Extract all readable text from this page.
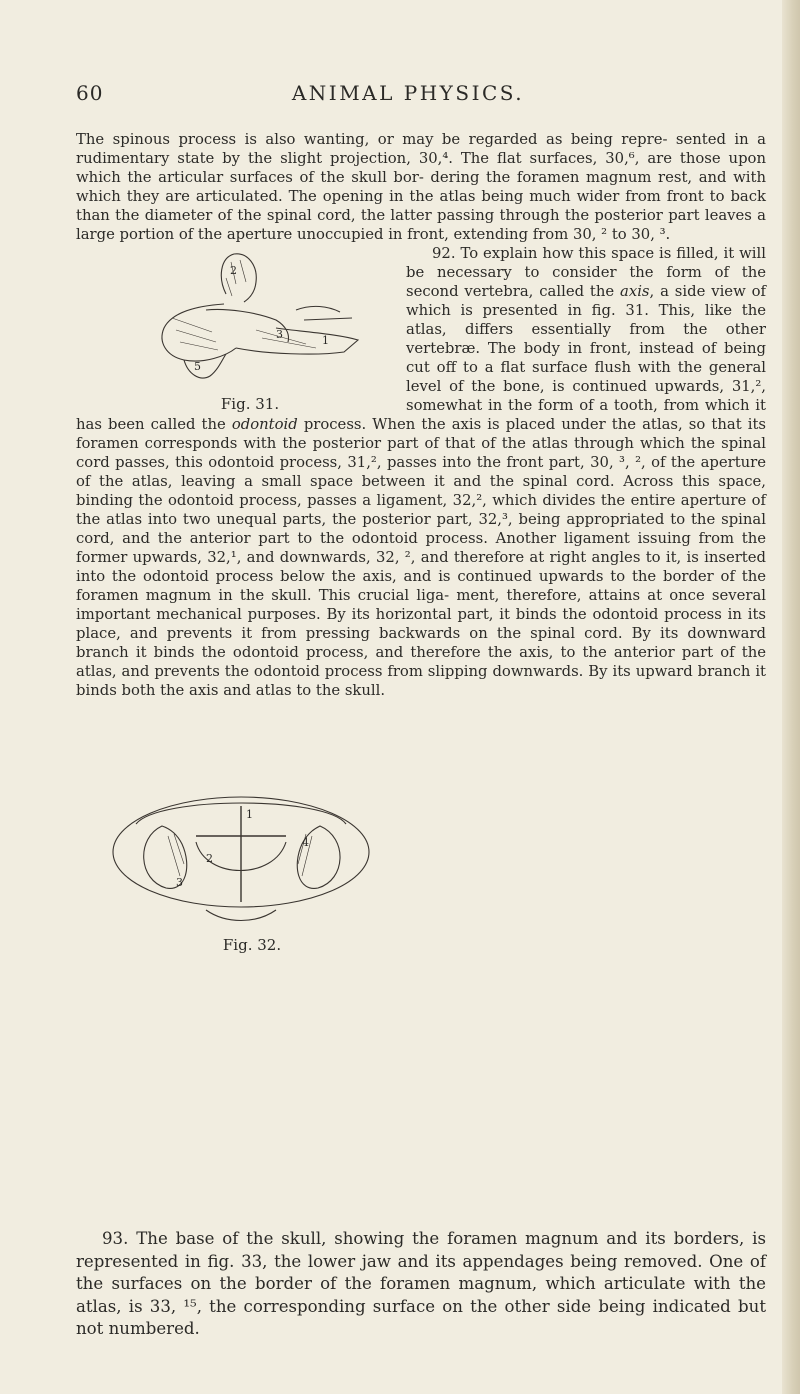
60	ANIMAL PHYSICS.

The spinous process is also wanting, or may be regarded as being repre- sented in a rudimentary state by the slight projection, 30,⁴. The flat surfaces, 30,⁶, are those upon which the articular surfaces of the skull bor- dering the foramen magnum rest, and with which they are articulated. The opening in the atlas being much wider from front to back than the diameter of the spinal cord, the latter passing through the posterior part leaves a large portion of the aperture unoccupied in front, extending from 30, ² to 30, ³.

2
3	1
5
Fig. 31.

92. To explain how this space is filled, it will be necessary to consider the form of the second vertebra, called the axis, a side view of which is presented in fig. 31. This, like the atlas, differs essentially from the other vertebræ. The body in front, instead of being cut off to a flat surface flush with the general level of the bone, is continued upwards, 31,², somewhat in the form of a tooth, from which it has been called the odontoid process. When the axis is placed under the atlas, so that its foramen corresponds with the posterior part of that of the atlas through which the spinal cord passes, this odontoid process, 31,², passes into the front part, 30, ³, ², of the aperture of the atlas, leaving a small space between it and the spinal cord. Across this space, binding the odontoid process, passes a ligament, 32,², which divides the entire aperture of the atlas into two unequal parts, the posterior part, 32,³, being appropriated to the spinal cord, and the anterior part to the odontoid process. Another ligament issuing from the former upwards, 32,¹, and downwards, 32, ², and therefore at right angles to it, is inserted into the odontoid process below the axis, and is continued upwards to the border of the foramen magnum in the skull. This crucial liga- ment, therefore, attains at once several important mechanical purposes. By its horizontal part, it binds the odontoid process in its place, and prevents it from pressing backwards on the spinal cord. By its downward branch it binds the odontoid process, and therefore the axis, to the anterior part of the atlas, and prevents the odontoid process from slipping downwards. By its upward branch it binds both the axis and atlas to the skull.

1
2
3
4
Fig. 32.

93. The base of the skull, showing the foramen magnum and its borders, is represented in fig. 33, the lower jaw and its appendages being removed. One of the surfaces on the border of the foramen magnum, which articulate with the atlas, is 33, ¹⁵, the corresponding surface on the other side being indicated but not numbered.
